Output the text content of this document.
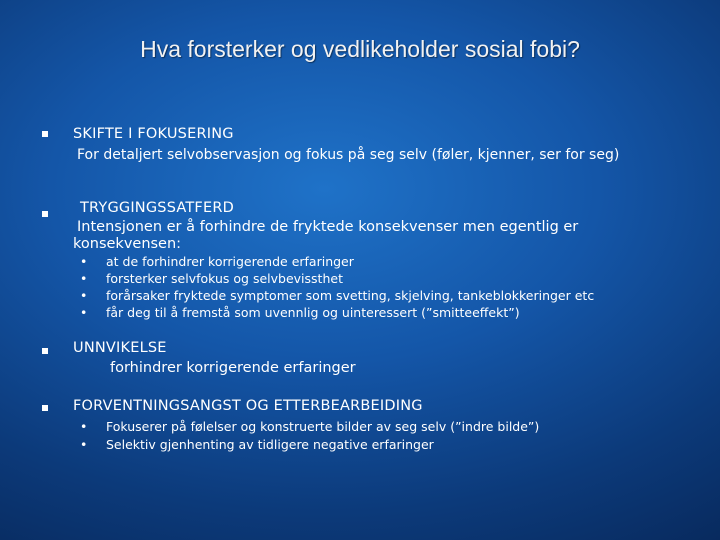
Hva forsterker og vedlikeholder sosial fobi?
SKIFTE I FOKUSERING
For detaljert selvobservasjon og fokus på seg selv (føler, kjenner, ser for seg)
TRYGGINGSSATFERD
Intensjonen er å forhindre de fryktede konsekvenser men egentlig er konsekvensen:
• at de forhindrer korrigerende erfaringer
• forsterker selvfokus og selvbevissthet
• forårsaker fryktede symptomer som svetting, skjelving, tankeblokkeringer etc
• får deg til å fremstå som uvennlig og uinteressert (”smitteeffekt”)
UNNVIKELSE
forhindrer korrigerende erfaringer
FORVENTNINGSANGST OG ETTERBEARBEIDING
• Fokuserer på følelser og konstruerte bilder av seg selv (”indre bilde”)
• Selektiv gjenhenting av tidligere negative erfaringer
